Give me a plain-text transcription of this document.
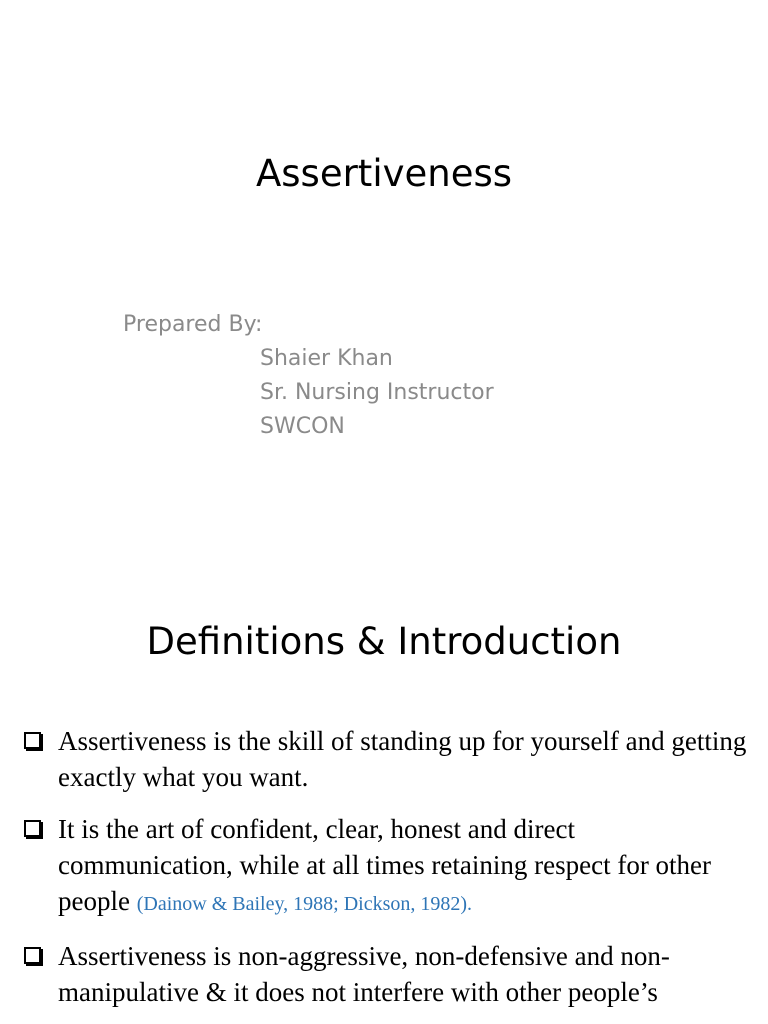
Assertiveness
Prepared By:
Shaier Khan
Sr. Nursing Instructor
SWCON
Definitions & Introduction
Assertiveness is the skill of standing up for yourself and getting exactly what you want.
It is the art of confident, clear, honest and direct communication, while at all times retaining respect for other people (Dainow & Bailey, 1988; Dickson, 1982).
Assertiveness is non-aggressive, non-defensive and non-manipulative & it does not interfere with other people’s
